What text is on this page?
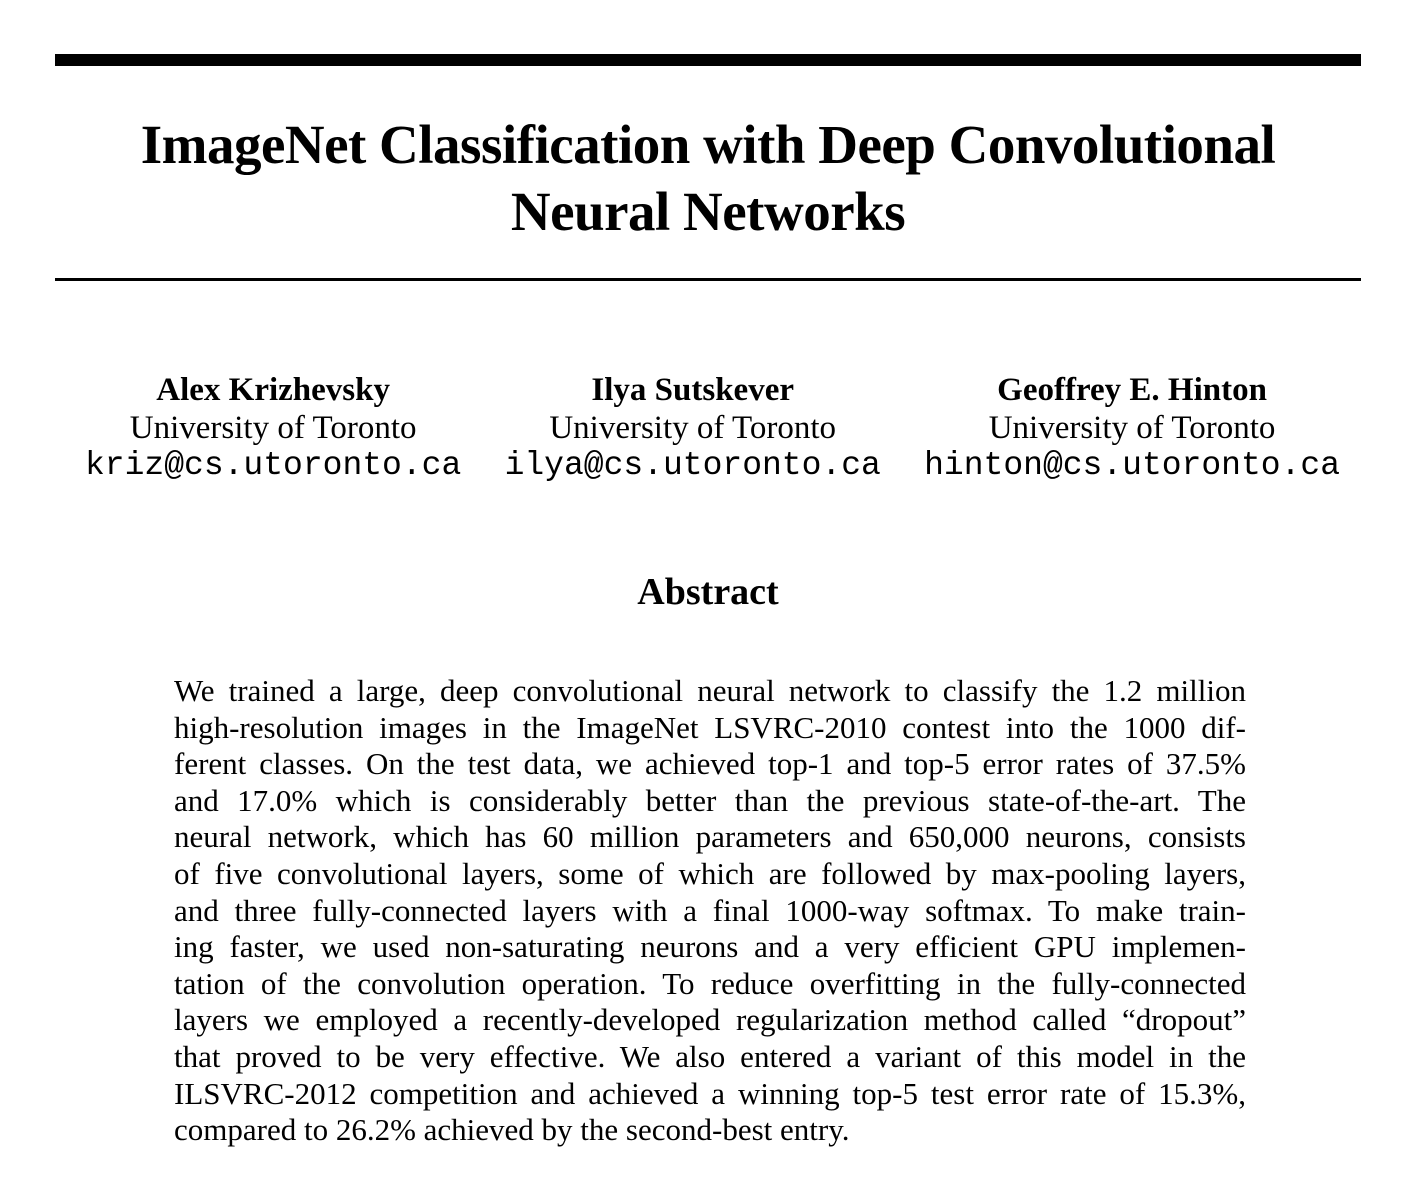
ImageNet Classification with Deep Convolutional
Neural Networks
Alex Krizhevsky
University of Toronto
kriz@cs.utoronto.ca
Ilya Sutskever
University of Toronto
ilya@cs.utoronto.ca
Geoffrey E. Hinton
University of Toronto
hinton@cs.utoronto.ca
Abstract
We trained a large, deep convolutional neural network to classify the 1.2 million
high-resolution images in the ImageNet LSVRC-2010 contest into the 1000 dif-
ferent classes. On the test data, we achieved top-1 and top-5 error rates of 37.5%
and 17.0% which is considerably better than the previous state-of-the-art. The
neural network, which has 60 million parameters and 650,000 neurons, consists
of five convolutional layers, some of which are followed by max-pooling layers,
and three fully-connected layers with a final 1000-way softmax. To make train-
ing faster, we used non-saturating neurons and a very efficient GPU implemen-
tation of the convolution operation. To reduce overfitting in the fully-connected
layers we employed a recently-developed regularization method called “dropout”
that proved to be very effective. We also entered a variant of this model in the
ILSVRC-2012 competition and achieved a winning top-5 test error rate of 15.3%,
compared to 26.2% achieved by the second-best entry.
